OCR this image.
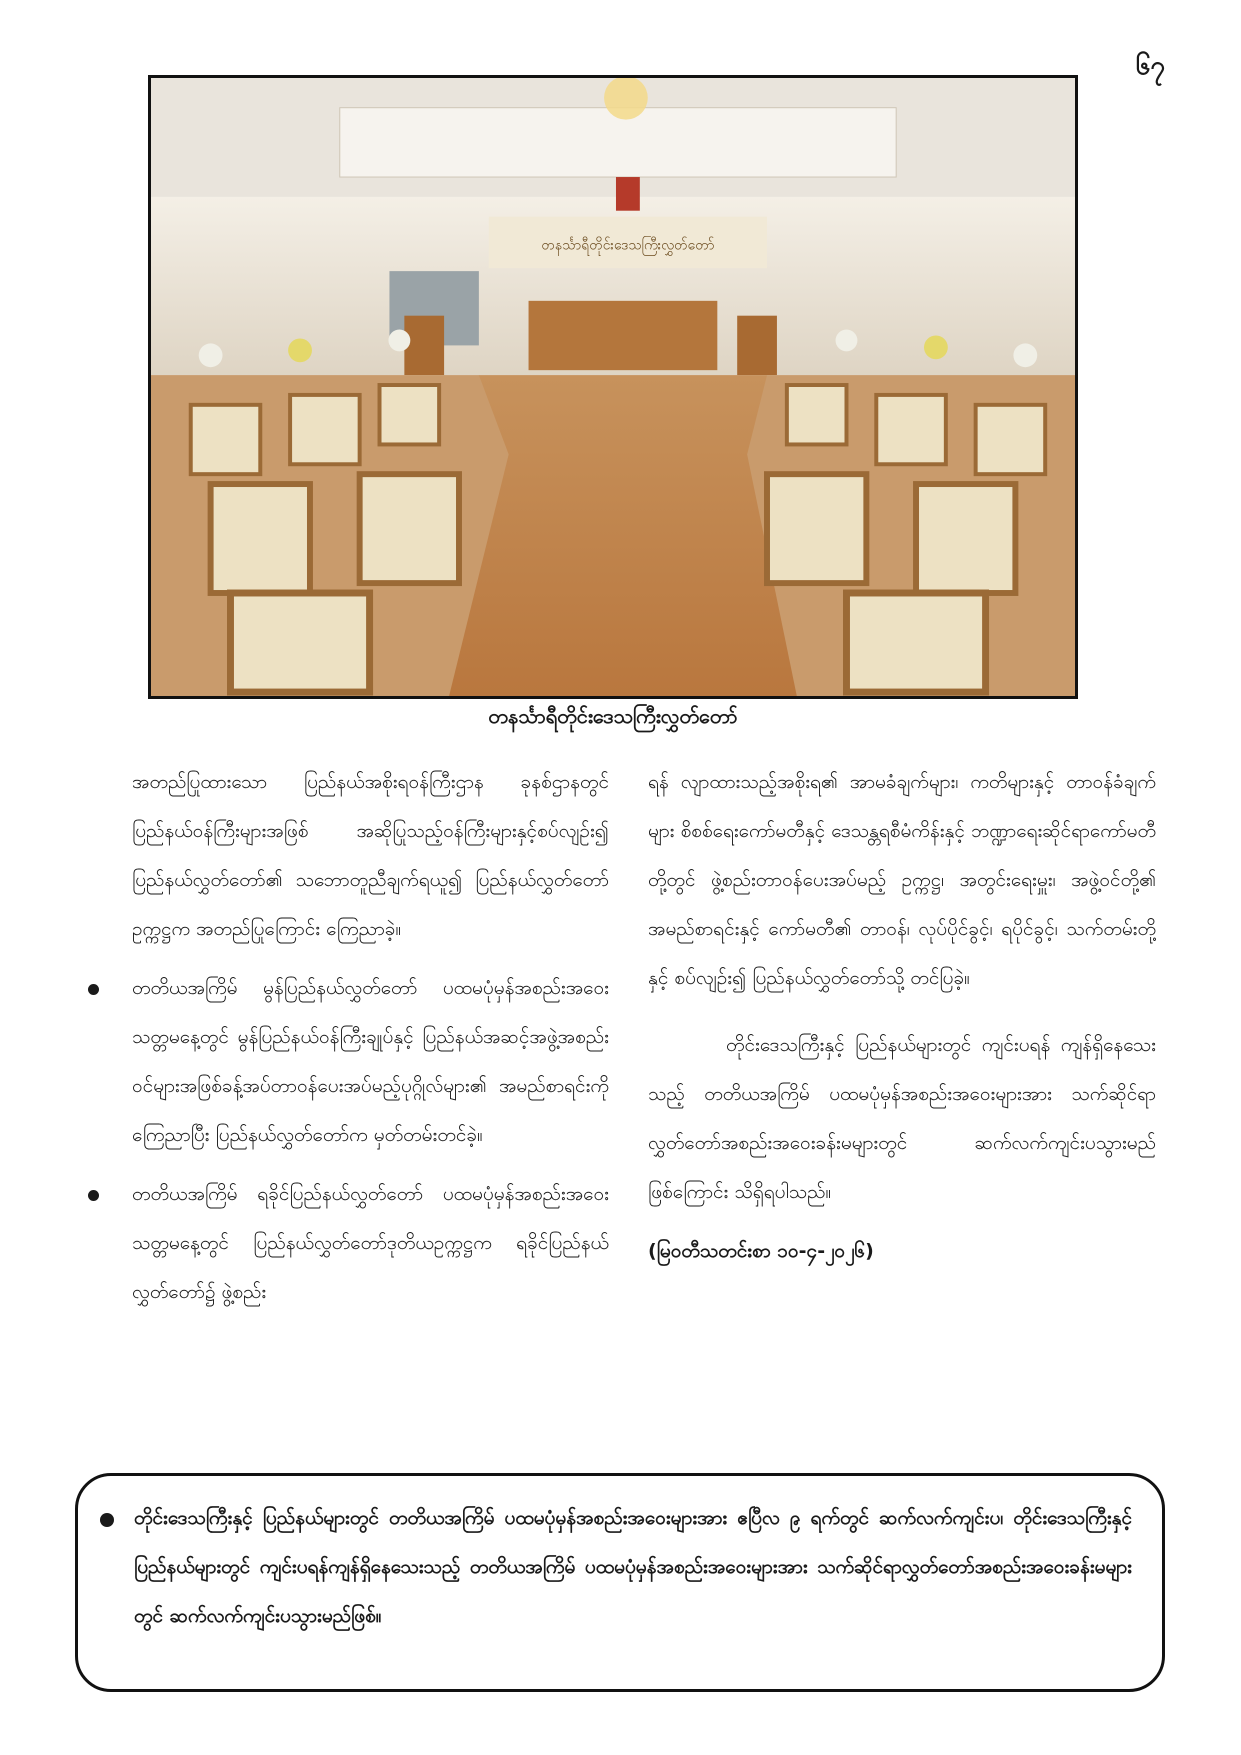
၆၇
တနင်္သာရီတိုင်းဒေသကြီးလွှတ်တော်
တနင်္သာရီတိုင်းဒေသကြီးလွှတ်တော်

အတည်ပြုထားသော ပြည်နယ်အစိုးရဝန်ကြီးဌာန ခုနစ်ဌာနတွင် ပြည်နယ်ဝန်ကြီးများအဖြစ် အဆိုပြုသည့်ဝန်ကြီးများနှင့်စပ်လျဉ်း၍ ပြည်နယ်လွှတ်တော်၏ သဘောတူညီချက်ရယူ၍ ပြည်နယ်လွှတ်တော်ဥက္ကဋ္ဌက အတည်ပြုကြောင်း ကြေညာခဲ့။

တတိယအကြိမ် မွန်ပြည်နယ်လွှတ်တော် ပထမပုံမှန်အစည်းအဝေး သတ္တမနေ့တွင် မွန်ပြည်နယ်ဝန်ကြီးချုပ်နှင့် ပြည်နယ်အဆင့်အဖွဲ့အစည်းဝင်များအဖြစ်ခန့်အပ်တာဝန်ပေးအပ်မည့်ပုဂ္ဂိုလ်များ၏ အမည်စာရင်းကိုကြေညာပြီး ပြည်နယ်လွှတ်တော်က မှတ်တမ်းတင်ခဲ့။
တတိယအကြိမ် ရခိုင်ပြည်နယ်လွှတ်တော် ပထမပုံမှန်အစည်းအဝေး သတ္တမနေ့တွင် ပြည်နယ်လွှတ်တော်ဒုတိယဥက္ကဋ္ဌက ရခိုင်ပြည်နယ်လွှတ်တော်၌ ဖွဲ့စည်း

ရန် လျာထားသည့်အစိုးရ၏ အာမခံချက်များ၊ ကတိများနှင့် တာဝန်ခံချက်များ စိစစ်ရေးကော်မတီနှင့် ဒေသန္တရစီမံကိန်းနှင့် ဘဏ္ဍာရေးဆိုင်ရာကော်မတီတို့တွင် ဖွဲ့စည်းတာဝန်ပေးအပ်မည့် ဥက္ကဋ္ဌ၊ အတွင်းရေးမှူး၊ အဖွဲ့ဝင်တို့၏ အမည်စာရင်းနှင့် ကော်မတီ၏ တာဝန်၊ လုပ်ပိုင်ခွင့်၊ ရပိုင်ခွင့်၊ သက်တမ်းတို့နှင့် စပ်လျဉ်း၍ ပြည်နယ်လွှတ်တော်သို့ တင်ပြခဲ့။

တိုင်းဒေသကြီးနှင့် ပြည်နယ်များတွင် ကျင်းပရန် ကျန်ရှိနေသေးသည့် တတိယအကြိမ် ပထမပုံမှန်အစည်းအဝေးများအား သက်ဆိုင်ရာလွှတ်တော်အစည်းအဝေးခန်းမများတွင် ဆက်လက်ကျင်းပသွားမည်ဖြစ်ကြောင်း သိရှိရပါသည်။

(မြဝတီသတင်းစာ ၁၀-၄-၂၀၂၆)

တိုင်းဒေသကြီးနှင့် ပြည်နယ်များတွင် တတိယအကြိမ် ပထမပုံမှန်အစည်းအဝေးများအား ဧပြီလ ၉ ရက်တွင် ဆက်လက်ကျင်းပ၊ တိုင်းဒေသကြီးနှင့် ပြည်နယ်များတွင် ကျင်းပရန်ကျန်ရှိနေသေးသည့် တတိယအကြိမ် ပထမပုံမှန်အစည်းအဝေးများအား သက်ဆိုင်ရာလွှတ်တော်အစည်းအဝေးခန်းမများတွင် ဆက်လက်ကျင်းပသွားမည်ဖြစ်။
